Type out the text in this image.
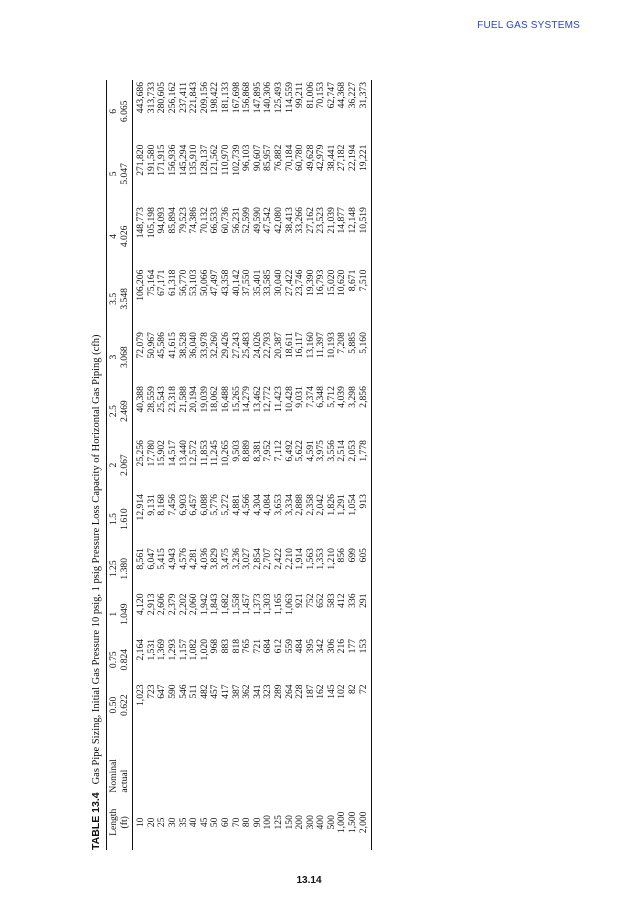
FUEL GAS SYSTEMS
TABLE 13.4Gas Pipe Sizing, Initial Gas Pressure 10 psig, 1 psig Pressure Loss Capacity of Horizontal Gas Piping (cfh)
Length	Nominal	0.50	0.75	1	1.25	1.5	2	2.5	3	3.5	4	5	6
(ft)	actual	0.622	0.824	1.049	1.380	1.610	2.067	2.469	3.068	3.548	4.026	5.047	6.065
10		1,023	2,164	4,120	8,561	12,914	25,256	40,388	72,079	106,206	148,773	271,820	443,686
20		723	1,531	2,913	6,047	9,131	17,780	28,559	50,967	75,164	105,198	191,580	313,733
25		647	1,369	2,606	5,415	8,168	15,902	25,543	45,586	67,171	94,093	171,915	280,605
30		590	1,293	2,379	4,943	7,456	14,517	23,318	41,615	61,318	85,894	156,936	256,162
35		546	1,157	2,202	4,576	6,903	13,440	21,588	38,528	56,770	79,523	145,294	237,411
40		511	1,082	2,060	4,281	6,457	12,572	20,194	36,040	53,103	74,386	135,910	221,843
45		482	1,020	1,942	4,036	6,088	11,853	19,039	33,978	50,066	70,132	128,137	209,156
50		457	968	1,843	3,829	5,776	11,245	18,062	32,260	47,497	66,533	121,562	198,422
60		417	883	1,682	3,475	5,272	10,265	16,488	29,426	43,358	60,736	110,970	181,133
70		387	818	1,558	3,236	4,881	9,503	15,265	27,243	40,142	56,231	102,739	167,698
80		362	765	1,457	3,027	4,566	8,889	14,279	25,483	37,550	52,599	96,103	156,868
90		341	721	1,373	2,854	4,304	8,381	13,462	24,026	35,401	49,590	90,607	147,895
100		323	684	1,303	2,707	4,084	7,952	12,772	22,793	33,585	47,542	85,957	140,306
125		289	612	1,165	2,422	3,653	7,112	11,423	20,387	30,040	42,080	76,882	125,493
150		264	559	1,063	2,210	3,334	6,492	10,428	18,611	27,422	38,413	70,184	114,559
200		228	484	921	1,914	2,888	5,622	9,031	16,117	23,746	33,266	60,780	99,211
300		187	395	752	1,563	2,358	4,591	7,374	13,160	19,390	27,162	49,628	81,006
400		162	342	652	1,353	2,042	3,975	6,348	11,397	16,793	23,523	42,979	70,153
500		145	306	583	1,210	1,826	3,556	5,712	10,193	15,020	21,039	38,441	62,747
1,000		102	216	412	856	1,291	2,514	4,039	7,208	10,620	14,877	27,182	44,368
1,500		82	177	336	699	1,054	2,053	3,298	5,885	8,671	12,148	22,194	36,227
2,000		72	153	291	605	913	1,778	2,856	5,160	7,510	10,519	19,221	31,373
13.14
